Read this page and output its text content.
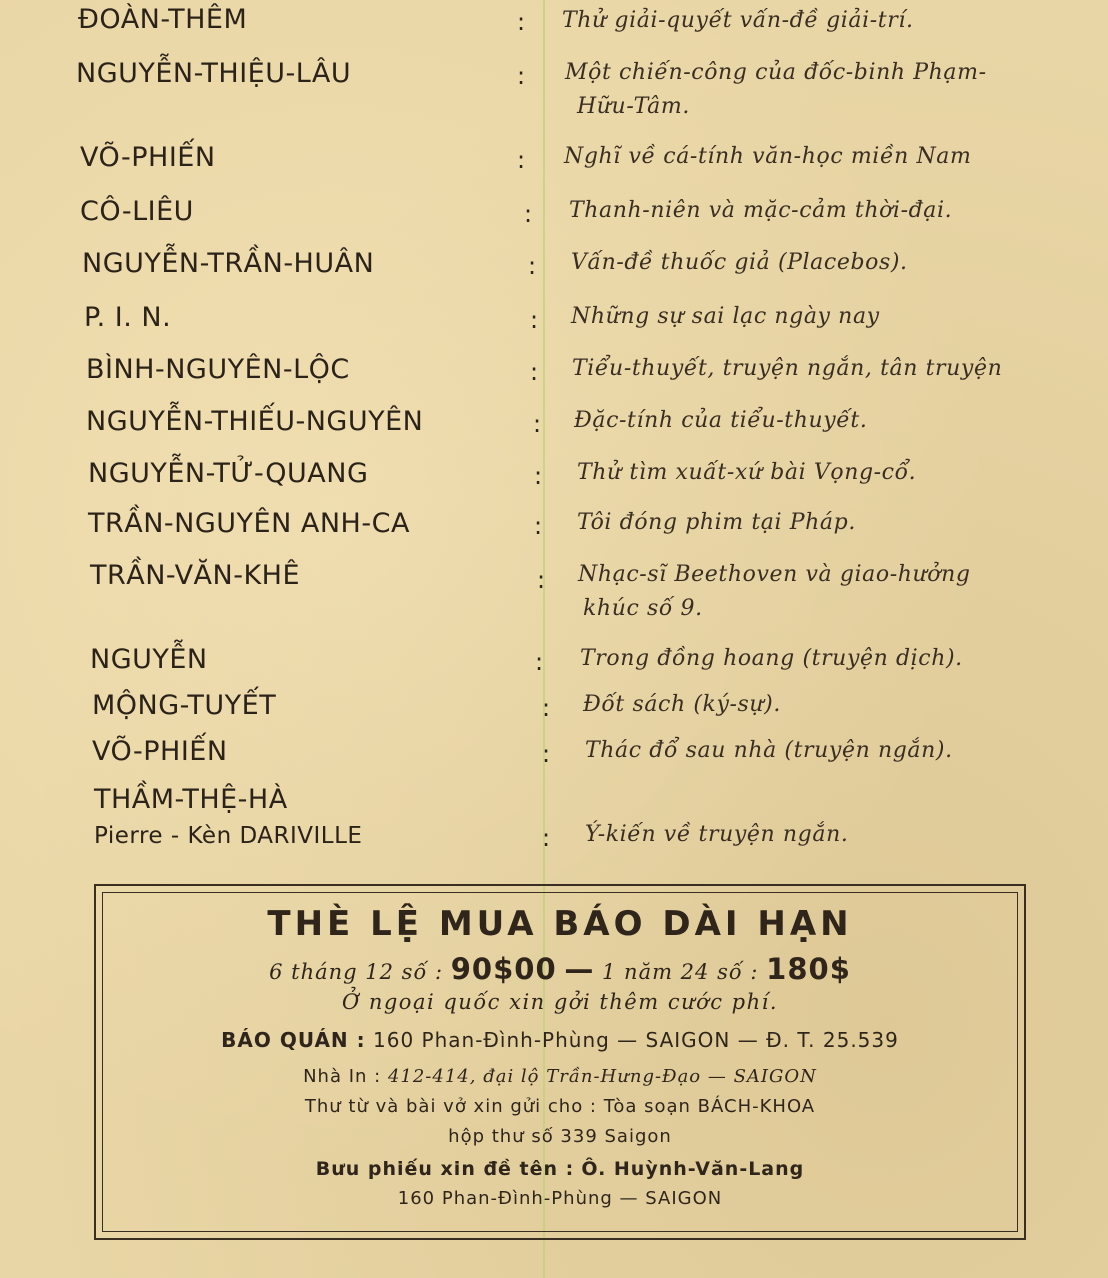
ĐOÀN-THÊM	: Thử giải-quyết vấn-đề giải-trí.
NGUYỄN-THIỆU-LÂU	: Một chiến-công của đốc-binh Phạm-
Hữu-Tâm.
VÕ-PHIẾN	: Nghĩ về cá-tính văn-học miền Nam
CÔ-LIÊU	: Thanh-niên và mặc-cảm thời-đại.
NGUYỄN-TRẦN-HUÂN	: Vấn-đề thuốc giả (Placebos).
P. I. N.	: Những sự sai lạc ngày nay
BÌNH-NGUYÊN-LỘC	: Tiểu-thuyết, truyện ngắn, tân truyện
NGUYỄN-THIẾU-NGUYÊN	: Đặc-tính của tiểu-thuyết.
NGUYỄN-TỬ-QUANG	: Thử tìm xuất-xứ bài Vọng-cổ.
TRẦN-NGUYÊN ANH-CA	: Tôi đóng phim tại Pháp.
TRẦN-VĂN-KHÊ	: Nhạc-sĩ Beethoven và giao-hưởng
khúc số 9.
NGUYỄN	: Trong đồng hoang (truyện dịch).
MỘNG-TUYẾT	: Đốt sách (ký-sự).
VÕ-PHIẾN	: Thác đổ sau nhà (truyện ngắn).
THẦM-THỆ-HÀ
Pierre - Kèn DARIVILLE	: Ý-kiến về truyện ngắn.
THÈ LỆ MUA BÁO DÀI HẠN
6 tháng 12 số : 90$00 — 1 năm 24 số : 180$
Ở ngoại quốc xin gởi thêm cước phí.
BÁO QUÁN : 160 Phan-Đình-Phùng — SAIGON — Đ. T. 25.539
Nhà In : 412-414, đại lộ Trần-Hưng-Đạo — SAIGON
Thư từ và bài vở xin gửi cho : Tòa soạn BÁCH-KHOA
hộp thư số 339 Saigon
Bưu phiếu xin đề tên : Ô. Huỳnh-Văn-Lang
160 Phan-Đình-Phùng — SAIGON
